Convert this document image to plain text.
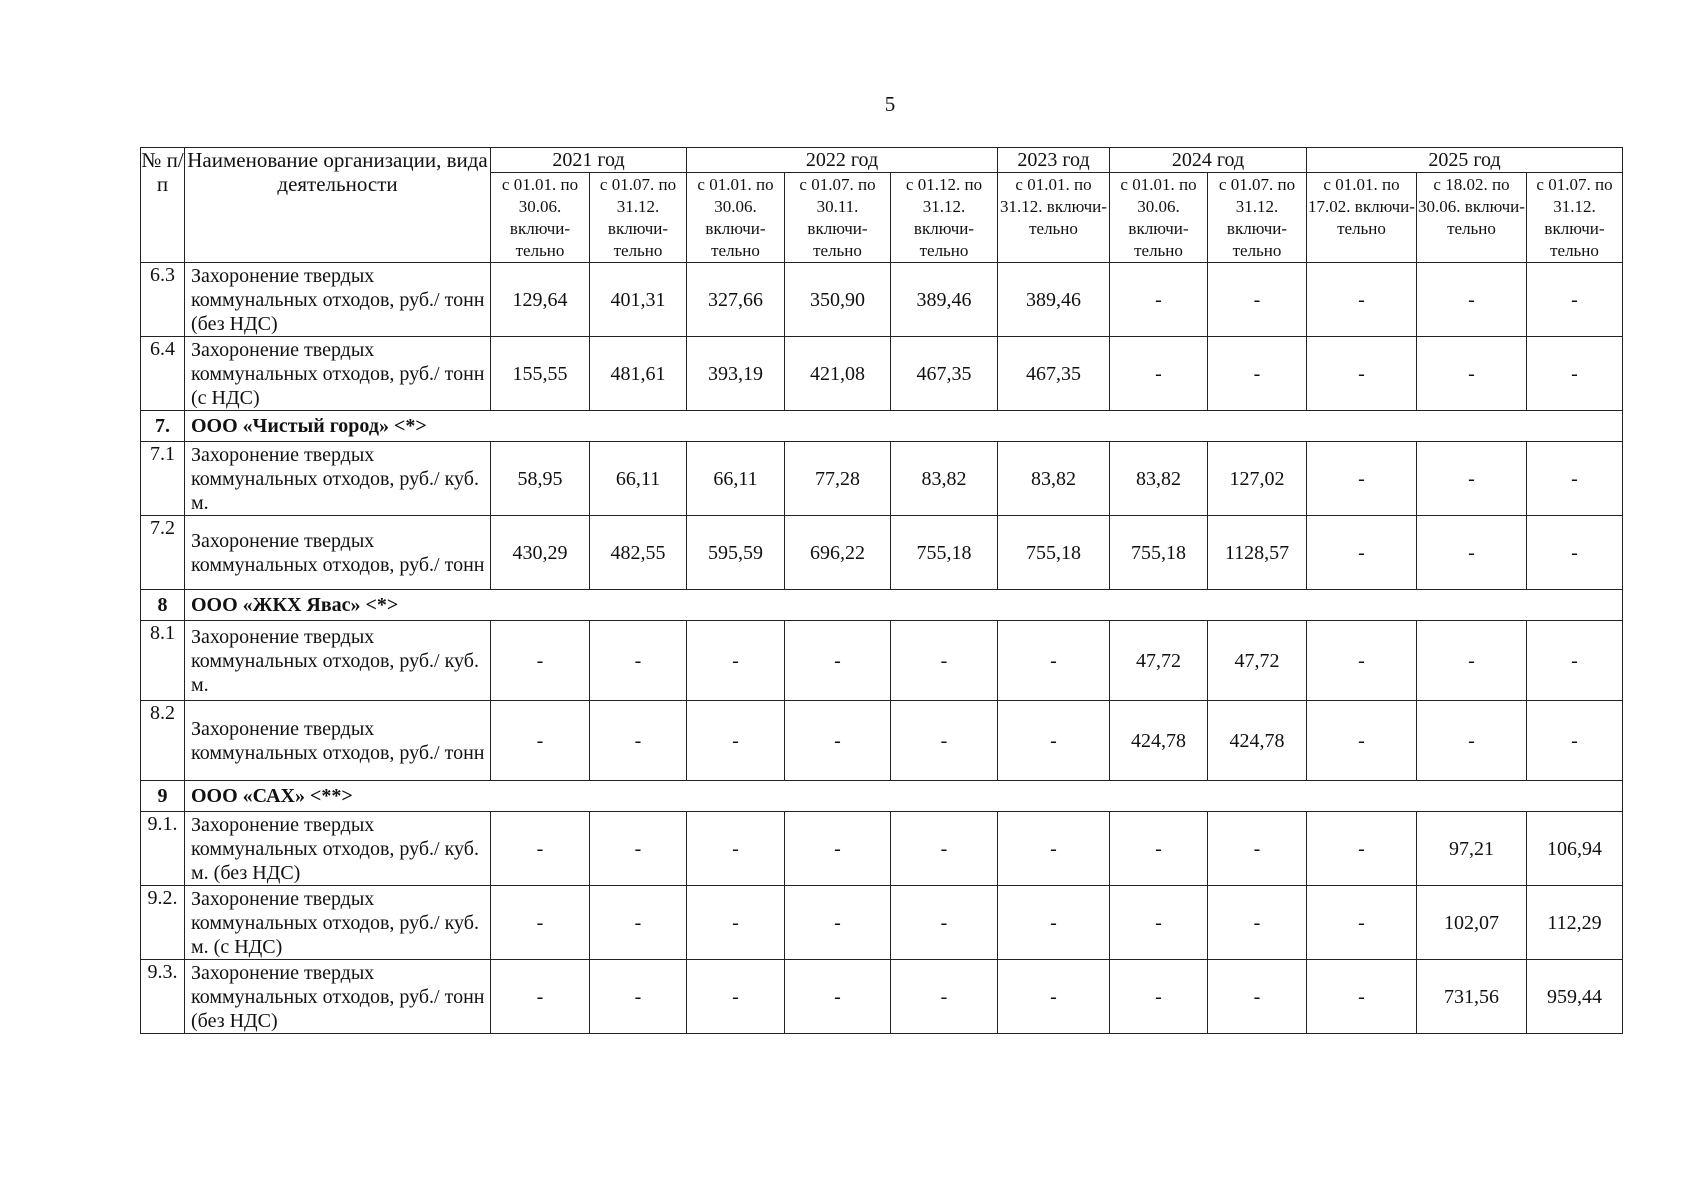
5
№ п/п	Наименование организации, вида деятельности	2021 год		2022 год			2023 год	2024 год		2025 год		
		с 01.01. по 30.06. включи-тельно	с 01.07. по 31.12. включи-тельно	с 01.01. по 30.06. включи-тельно	с 01.07. по 30.11. включи-тельно	с 01.12. по 31.12. включи-тельно	с 01.01. по 31.12. включи-тельно	с 01.01. по 30.06. включи-тельно	с 01.07. по 31.12. включи-тельно	с 01.01. по 17.02. включи-тельно	с 18.02. по 30.06. включи-тельно	с 01.07. по 31.12. включи-тельно
6.3	Захоронение твердых коммунальных отходов, руб./ тонн (без НДС)	129,64	401,31	327,66	350,90	389,46	389,46	-	-	-	-	-
6.4	Захоронение твердых коммунальных отходов, руб./ тонн (с НДС)	155,55	481,61	393,19	421,08	467,35	467,35	-	-	-	-	-
7.	ООО «Чистый город» <*>											
7.1	Захоронение твердых коммунальных отходов, руб./ куб. м.	58,95	66,11	66,11	77,28	83,82	83,82	83,82	127,02	-	-	-
7.2	Захоронение твердых коммунальных отходов, руб./ тонн	430,29	482,55	595,59	696,22	755,18	755,18	755,18	1128,57	-	-	-
8	ООО «ЖКХ Явас» <*>											
8.1	Захоронение твердых коммунальных отходов, руб./ куб. м.	-	-	-	-	-	-	47,72	47,72	-	-	-
8.2	Захоронение твердых коммунальных отходов, руб./ тонн	-	-	-	-	-	-	424,78	424,78	-	-	-
9	ООО «САХ» <**>											
9.1.	Захоронение твердых коммунальных отходов, руб./ куб. м. (без НДС)	-	-	-	-	-	-	-	-	-	97,21	106,94
9.2.	Захоронение твердых коммунальных отходов, руб./ куб. м. (с НДС)	-	-	-	-	-	-	-	-	-	102,07	112,29
9.3.	Захоронение твердых коммунальных отходов, руб./ тонн (без НДС)	-	-	-	-	-	-	-	-	-	731,56	959,44
